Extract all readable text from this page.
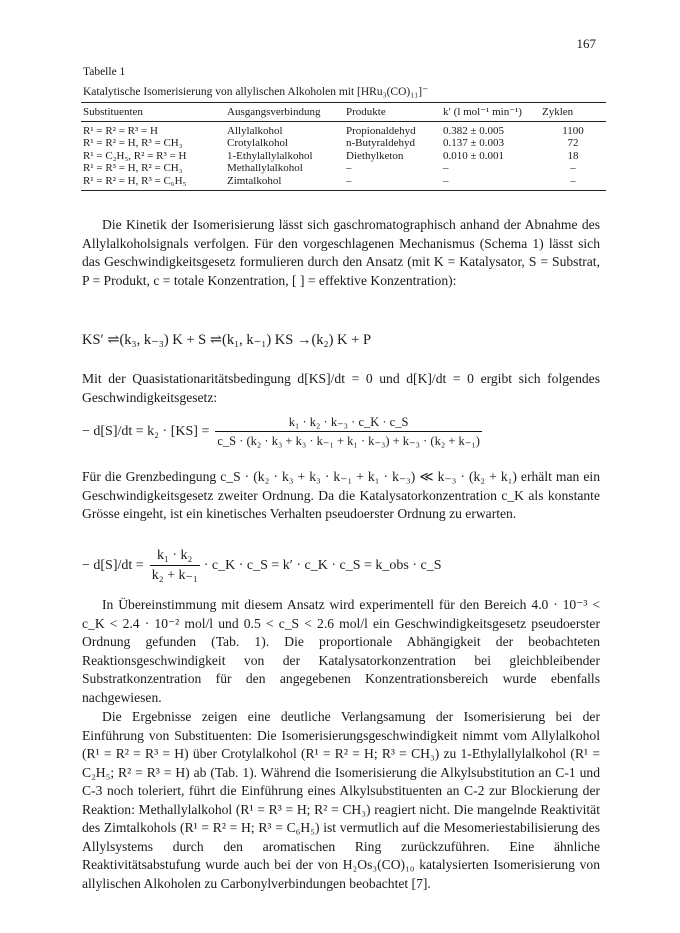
167
Tabelle 1
Katalytische Isomerisierung von allylischen Alkoholen mit [HRu₃(CO)₁₁]⁻
Substituenten	Ausgangsverbindung	Produkte	k′ (l mol⁻¹ min⁻¹)	Zyklen
R¹ = R² = R³ = H	Allylalkohol	Propionaldehyd	0.382 ± 0.005	1100
R¹ = R² = H, R³ = CH₃	Crotylalkohol	n-Butyraldehyd	0.137 ± 0.003	72
R¹ = C₂H₅, R² = R³ = H	1-Ethylallylalkohol	Diethylketon	0.010 ± 0.001	18
R¹ = R³ = H, R² = CH₃	Methallylalkohol	–	–	–
R¹ = R² = H, R³ = C₆H₅	Zimtalkohol	–	–	–

Die Kinetik der Isomerisierung lässt sich gaschromatographisch anhand der Abnahme des Allylalkoholsignals verfolgen. Für den vorgeschlagenen Mechanismus (Schema 1) lässt sich das Geschwindigkeitsgesetz formulieren durch den Ansatz (mit K = Katalysator, S = Substrat, P = Produkt, c = totale Konzentration, [ ] = effektive Konzentration):

KS′ ⇌(k₃, k₋₃) K + S ⇌(k₁, k₋₁) KS →(k₂) K + P

Mit der Quasistationaritätsbedingung d[KS]/dt = 0 und d[K]/dt = 0 ergibt sich folgendes Geschwindigkeitsgesetz:

− $d[S]/dt = k_2 \cdot [KS] = \frac{\text{k₁ · k₂ · k₋₃ · c\_K · c\_S}}{\text{c\_S · (k₂ · k₃ + k₃ · k₋₁ + k₁ · k₋₃) + k₋₃ · (k₂ + k₋₁)}}$

Für die Grenzbedingung c_S · (k₂ · k₃ + k₃ · k₋₁ + k₁ · k₋₃) ≪ k₋₃ · (k₂ + k₁) erhält man ein Geschwindigkeitsgesetz zweiter Ordnung. Da die Katalysatorkonzentration c_K als konstante Grösse eingeht, ist ein kinetisches Verhalten pseudoerster Ordnung zu erwarten.

− $d[S]/dt = \frac{\text{k₁ · k₂}}{\text{k₂ + k₋₁}}$ · c_K · c_S = k′ · c_K · c_S = k_obs · c_S

In Übereinstimmung mit diesem Ansatz wird experimentell für den Bereich 4.0 · 10⁻³ < c_K < 2.4 · 10⁻² mol/l und 0.5 < c_S < 2.6 mol/l ein Geschwindigkeitsgesetz pseudoerster Ordnung gefunden (Tab. 1). Die proportionale Abhängigkeit der beobachteten Reaktionsgeschwindigkeit von der Katalysatorkonzentration bei gleichbleibender Substratkonzentration für den angegebenen Konzentrationsbereich wurde ebenfalls nachgewiesen.

Die Ergebnisse zeigen eine deutliche Verlangsamung der Isomerisierung bei der Einführung von Substituenten: Die Isomerisierungsgeschwindigkeit nimmt vom Allylalkohol (R¹ = R² = R³ = H) über Crotylalkohol (R¹ = R² = H; R³ = CH₃) zu 1-Ethylallylalkohol (R¹ = C₂H₅; R² = R³ = H) ab (Tab. 1). Während die Isomerisierung die Alkylsubstitution an C-1 und C-3 noch toleriert, führt die Einführung eines Alkylsubstituenten an C-2 zur Blockierung der Reaktion: Methallylalkohol (R¹ = R³ = H; R² = CH₃) reagiert nicht. Die mangelnde Reaktivität des Zimtalkohols (R¹ = R² = H; R³ = C₆H₅) ist vermutlich auf die Mesomeriestabilisierung des Allylsystems durch den aromatischen Ring zurückzuführen. Eine ähnliche Reaktivitätsabstufung wurde auch bei der von H₂Os₃(CO)₁₀ katalysierten Isomerisierung von allylischen Alkoholen zu Carbonylverbindungen beobachtet [7].
